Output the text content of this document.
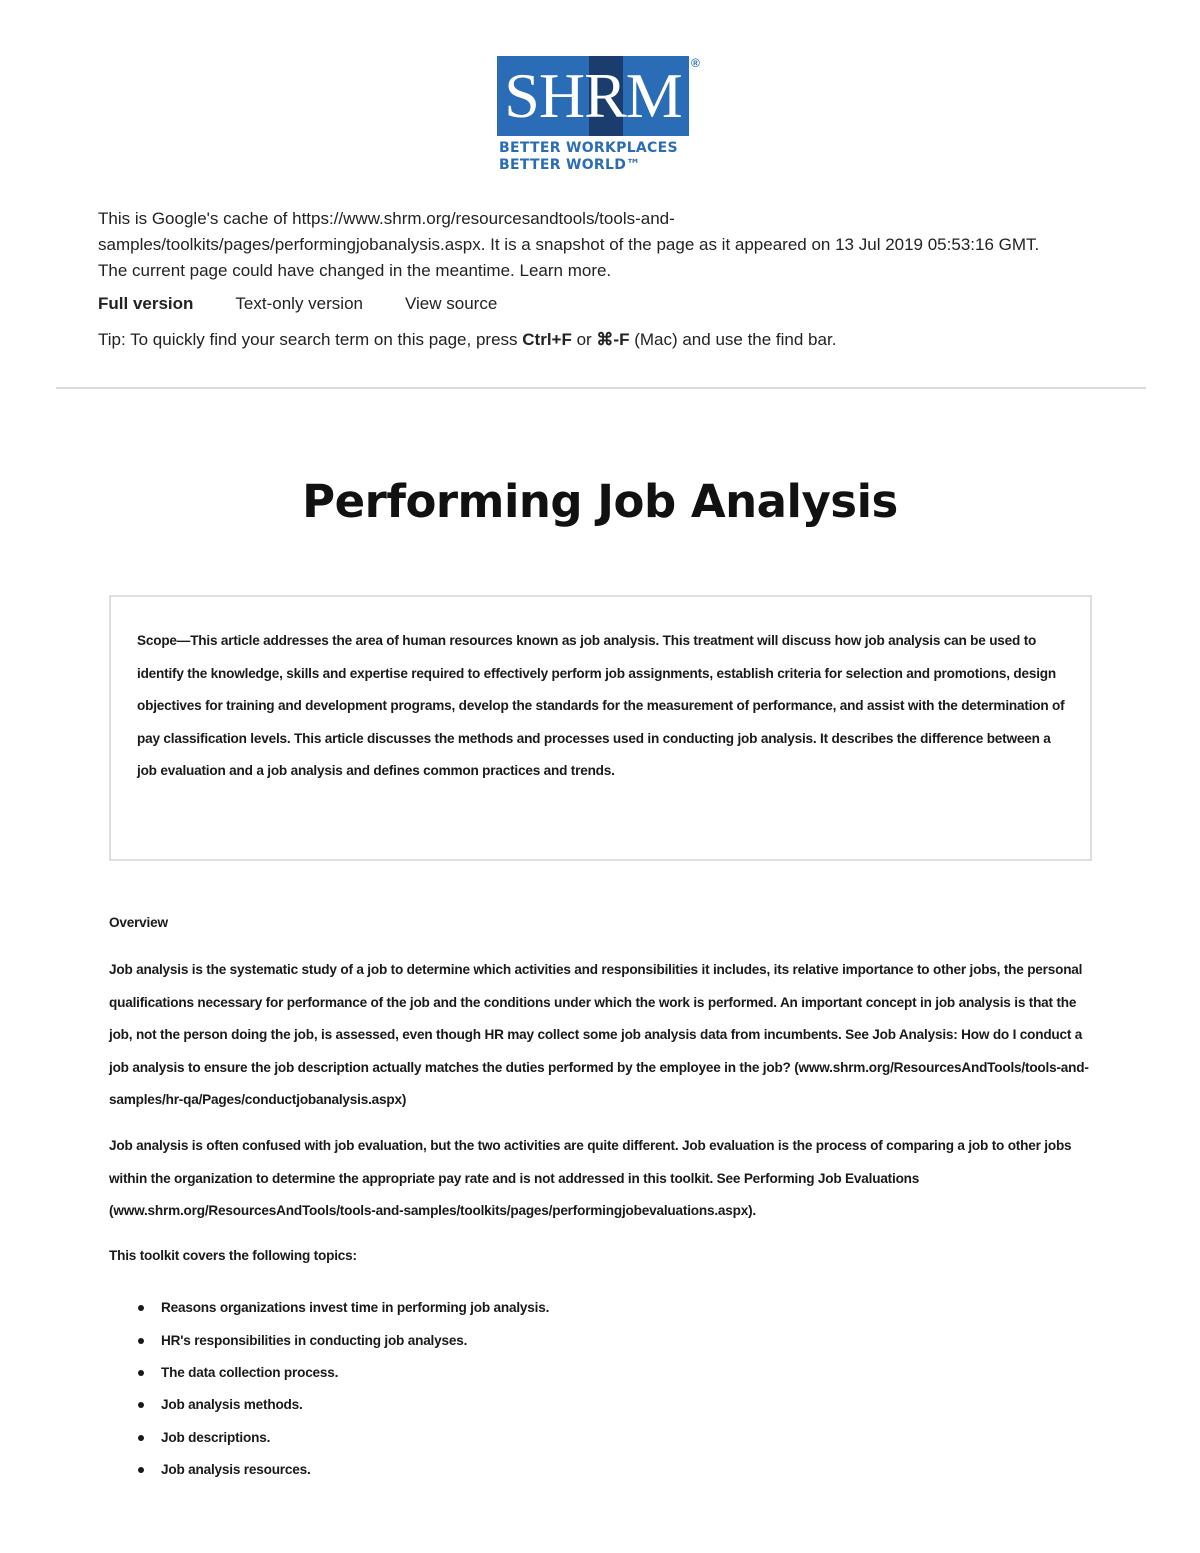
SHRM ®
BETTER WORKPLACES
BETTER WORLD™
This is Google's cache of https://www.shrm.org/resourcesandtools/tools-and-samples/toolkits/pages/performingjobanalysis.aspx. It is a snapshot of the page as it appeared on 13 Jul 2019 05:53:16 GMT. The current page could have changed in the meantime. Learn more.
Full version Text-only version View source
Tip: To quickly find your search term on this page, press Ctrl+F or ⌘-F (Mac) and use the find bar.
Performing Job Analysis
Scope—This article addresses the area of human resources known as job analysis. This treatment will discuss how job analysis can be used to identify the knowledge, skills and expertise required to effectively perform job assignments, establish criteria for selection and promotions, design objectives for training and development programs, develop the standards for the measurement of performance, and assist with the determination of pay classification levels. This article discusses the methods and processes used in conducting job analysis. It describes the difference between a job evaluation and a job analysis and defines common practices and trends.
Overview
Job analysis is the systematic study of a job to determine which activities and responsibilities it includes, its relative importance to other jobs, the personal qualifications necessary for performance of the job and the conditions under which the work is performed. An important concept in job analysis is that the job, not the person doing the job, is assessed, even though HR may collect some job analysis data from incumbents. See Job Analysis: How do I conduct a job analysis to ensure the job description actually matches the duties performed by the employee in the job? (www.shrm.org/ResourcesAndTools/tools-and-samples/hr-qa/Pages/conductjobanalysis.aspx)
Job analysis is often confused with job evaluation, but the two activities are quite different. Job evaluation is the process of comparing a job to other jobs within the organization to determine the appropriate pay rate and is not addressed in this toolkit. See Performing Job Evaluations (www.shrm.org/ResourcesAndTools/tools-and-samples/toolkits/pages/performingjobevaluations.aspx).
This toolkit covers the following topics:
Reasons organizations invest time in performing job analysis.
HR's responsibilities in conducting job analyses.
The data collection process.
Job analysis methods.
Job descriptions.
Job analysis resources.
